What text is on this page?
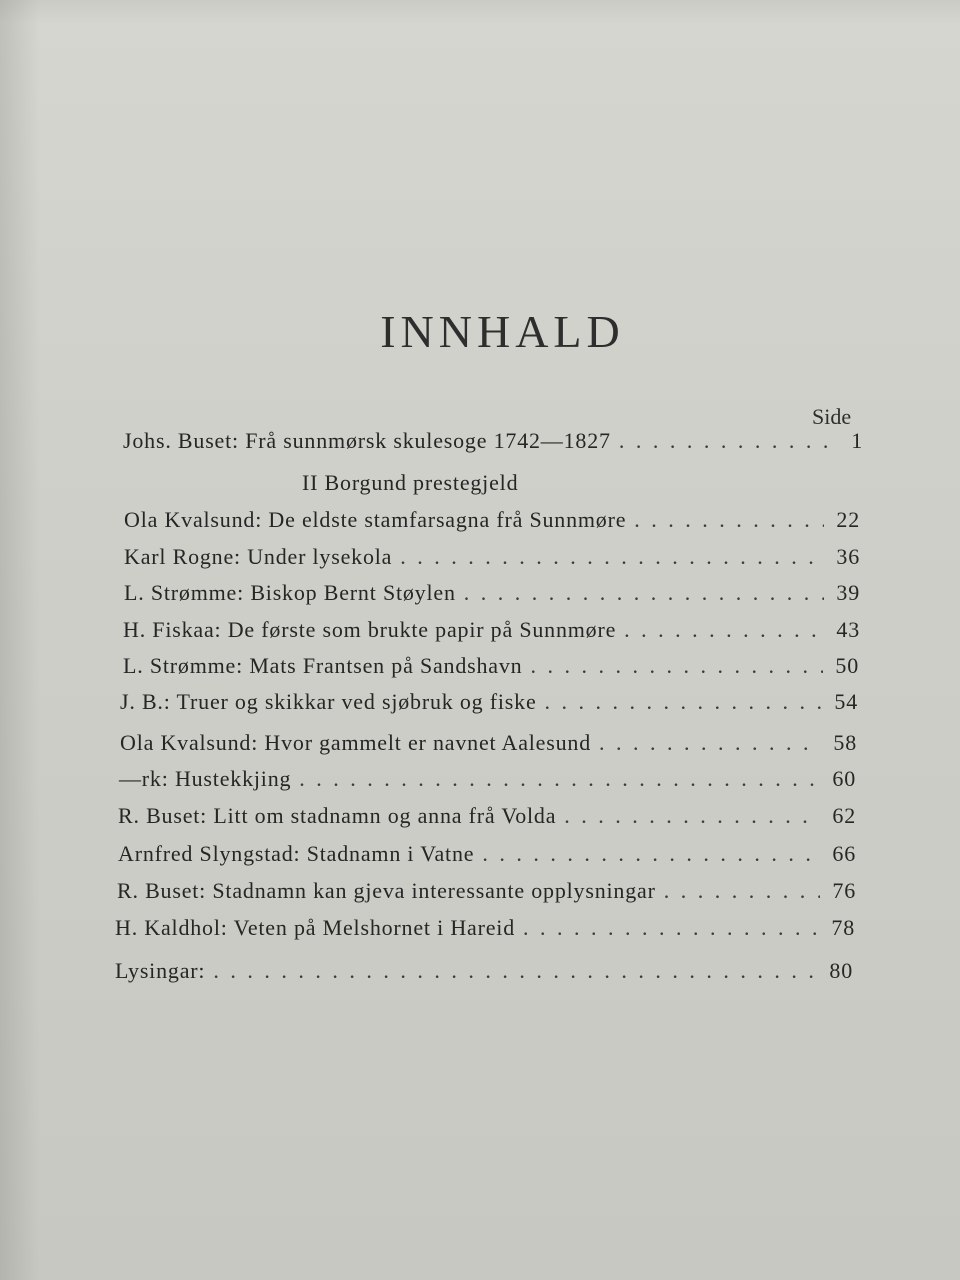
INNHALD
Side
Johs. Buset: Frå sunnmørsk skulesoge 1742—1827 . . .	1
II Borgund prestegjeld
Ola Kvalsund: De eldste stamfarsagna frå Sunnmøre . . .	22
Karl Rogne: Under lysekola . . .	36
L. Strømme: Biskop Bernt Støylen . . .	39
H. Fiskaa: De første som brukte papir på Sunnmøre . . .	43
L. Strømme: Mats Frantsen på Sandshavn . . .	50
J. B.: Truer og skikkar ved sjøbruk og fiske . . .	54
Ola Kvalsund: Hvor gammelt er navnet Aalesund . . .	58
—rk: Hustekkjing . . .	60
R. Buset: Litt om stadnamn og anna frå Volda . . .	62
Arnfred Slyngstad: Stadnamn i Vatne . . .	66
R. Buset: Stadnamn kan gjeva interessante opplysningar . . .	76
H. Kaldhol: Veten på Melshornet i Hareid . . .	78
Lysingar: . . .	80
